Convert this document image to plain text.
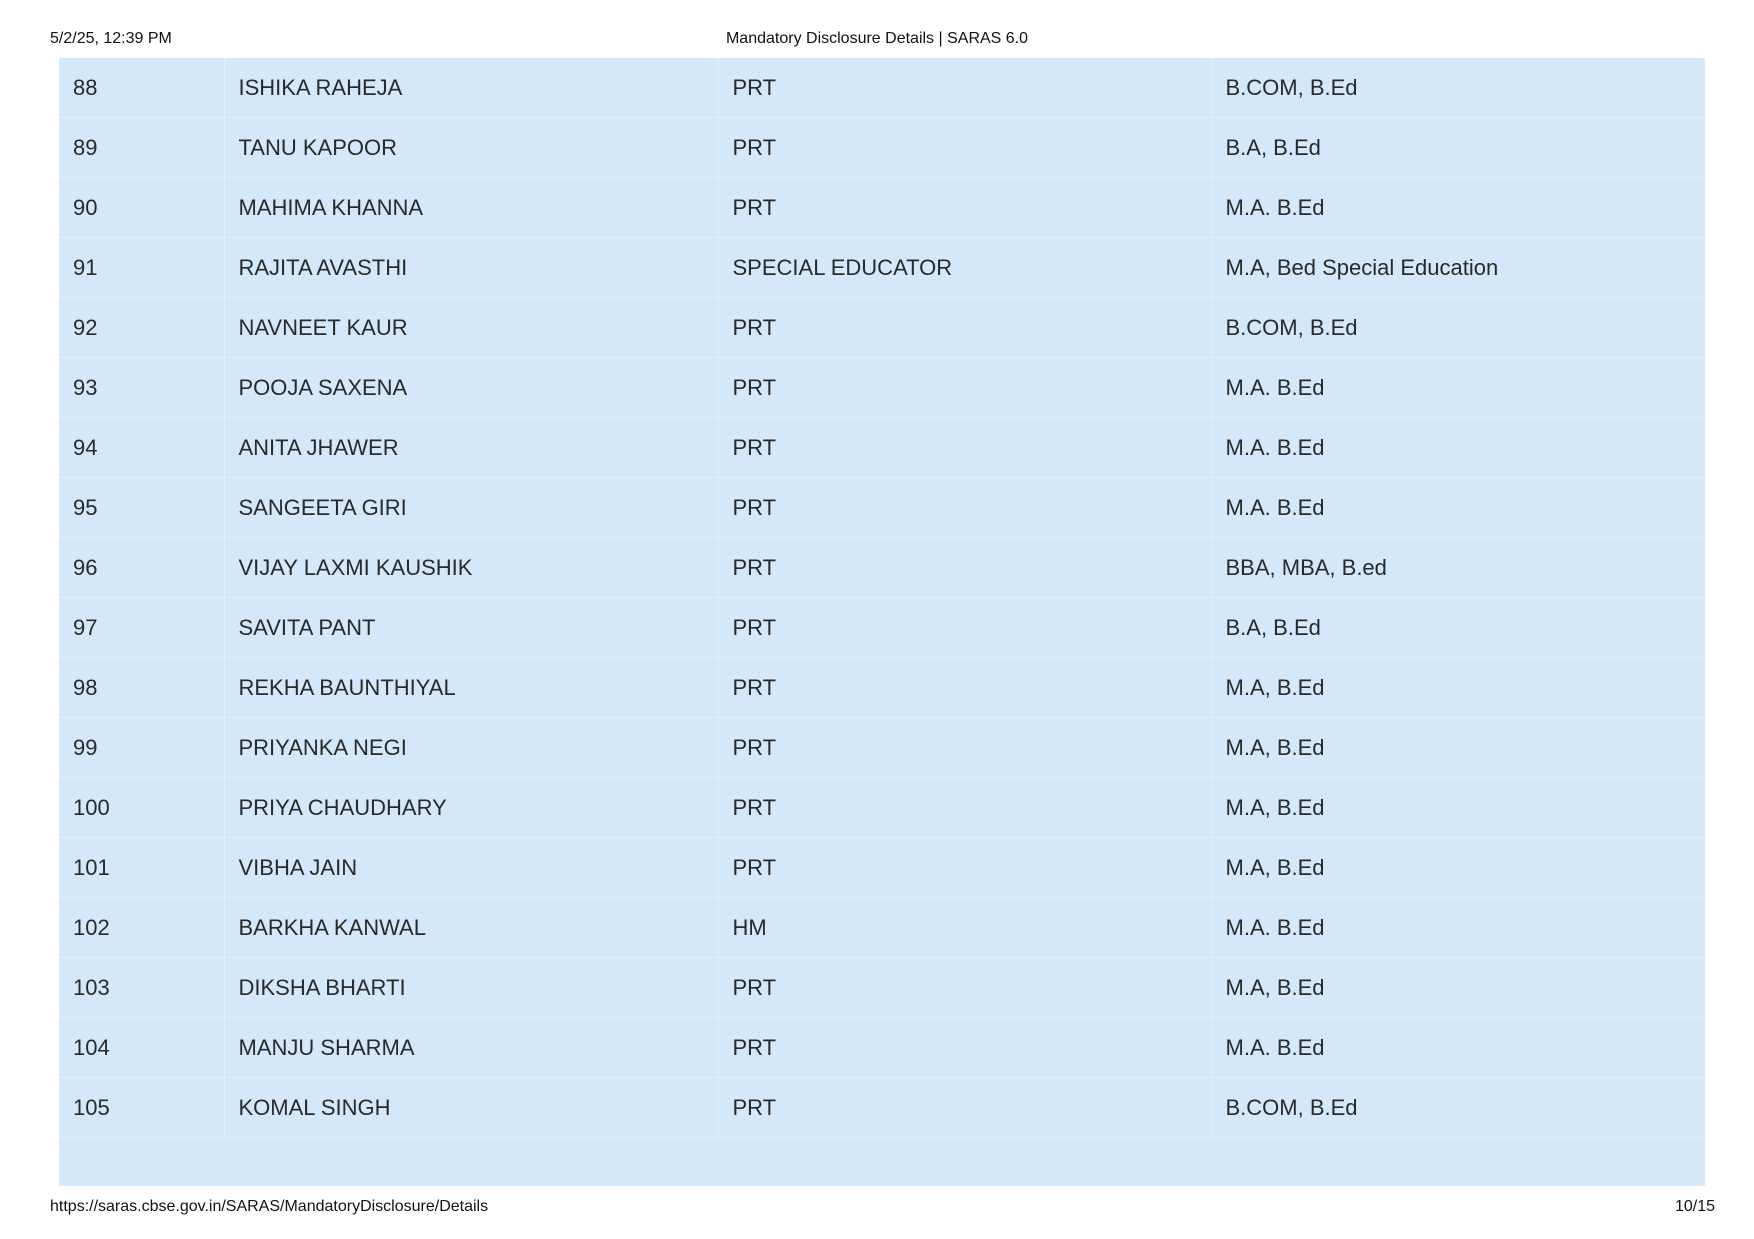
5/2/25, 12:39 PM	Mandatory Disclosure Details | SARAS 6.0
88	ISHIKA RAHEJA	PRT	B.COM, B.Ed
89	TANU KAPOOR	PRT	B.A, B.Ed
90	MAHIMA KHANNA	PRT	M.A. B.Ed
91	RAJITA AVASTHI	SPECIAL EDUCATOR	M.A, Bed Special Education
92	NAVNEET KAUR	PRT	B.COM, B.Ed
93	POOJA SAXENA	PRT	M.A. B.Ed
94	ANITA JHAWER	PRT	M.A. B.Ed
95	SANGEETA GIRI	PRT	M.A. B.Ed
96	VIJAY LAXMI KAUSHIK	PRT	BBA, MBA, B.ed
97	SAVITA PANT	PRT	B.A, B.Ed
98	REKHA BAUNTHIYAL	PRT	M.A, B.Ed
99	PRIYANKA NEGI	PRT	M.A, B.Ed
100	PRIYA CHAUDHARY	PRT	M.A, B.Ed
101	VIBHA JAIN	PRT	M.A, B.Ed
102	BARKHA KANWAL	HM	M.A. B.Ed
103	DIKSHA BHARTI	PRT	M.A, B.Ed
104	MANJU SHARMA	PRT	M.A. B.Ed
105	KOMAL SINGH	PRT	B.COM, B.Ed
https://saras.cbse.gov.in/SARAS/MandatoryDisclosure/Details	10/15
